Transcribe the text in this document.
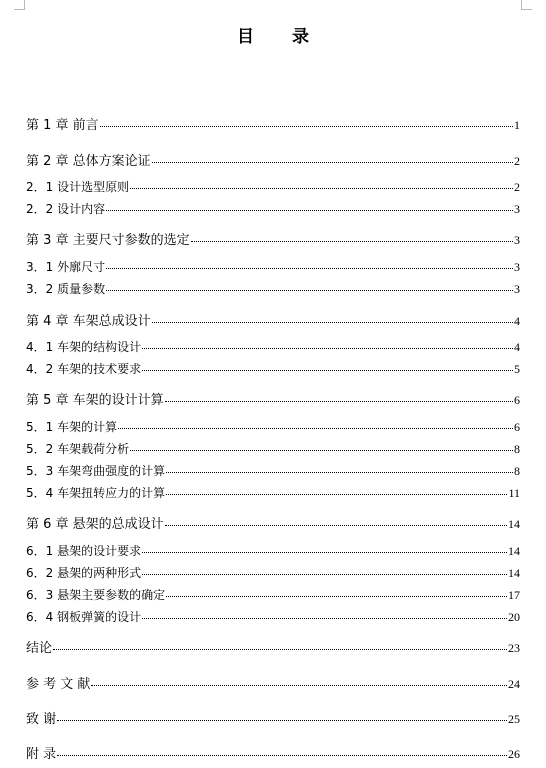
目 录
第 1 章 前言	1
第 2 章 总体方案论证	2
2．1 设计选型原则	2
2．2 设计内容	3
第 3 章 主要尺寸参数的选定	3
3．1 外廓尺寸	3
3．2 质量参数	3
第 4 章 车架总成设计	4
4．1 车架的结构设计	4
4．2 车架的技术要求	5
第 5 章 车架的设计计算	6
5．1 车架的计算	6
5．2 车架载荷分析	8
5．3 车架弯曲强度的计算	8
5．4 车架扭转应力的计算	11
第 6 章 悬架的总成设计	14
6．1 悬架的设计要求	14
6．2 悬架的两种形式	14
6．3 悬架主要参数的确定	17
6．4 钢板弹簧的设计	20
结论	23
参 考 文 献	24
致 谢	25
附 录	26
